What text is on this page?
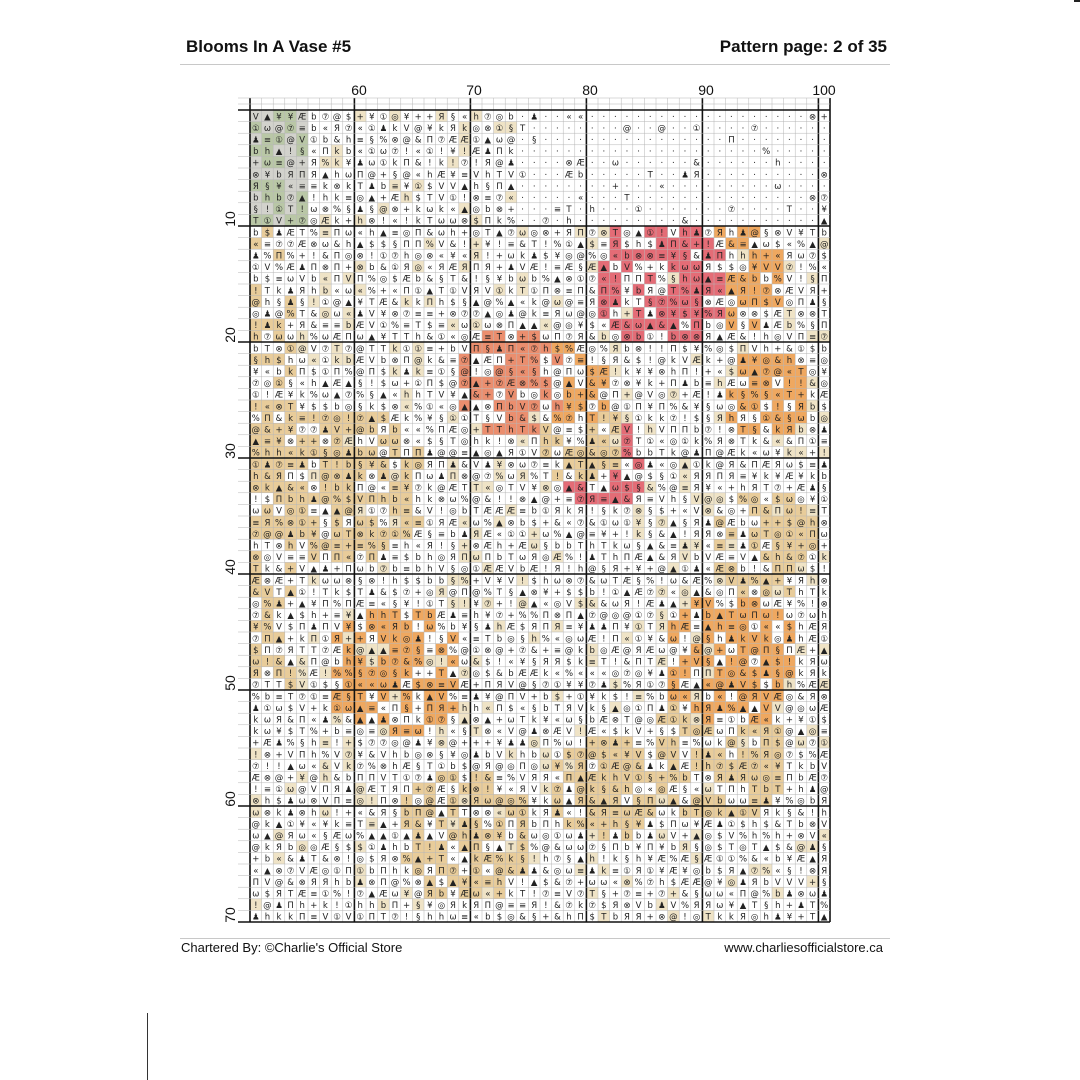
Blooms In A Vase #5	Pattern page: 2 of 35
60	70	80	90	100
10
20
30
40
50
60
70
V ▲ ¥ ¥ Æ b ⑦ @ $ + ¥ ① ◎ ¥ + + Я § « h ⑦ ◎ b · ♟ · · « « · · · · · · · · · · · · · · · · · · · ⊗ +
① ω @ ⑦ ≡ b « Я ⑦ « ① ♟ k V @ ¥ k Я k ◎ ⊗ ① § T · · · · · · · · @ · · @ · · ① · · · · ⑦ · · · · · ·
♟ ≡ ① @ V ① b & h ≡ § % ⊗ @ & Π ⑦ Æ Æ ① ▲ ω @ · § · · · · · · · · · · · · · · · · Π · · · · · · · ·
b h ▲ ! § « Π k b « ① ω ⑦ ! « ① ! ¥ ! Æ ♟ Π k · · · · · · · · · · · · · · · · · · · · · % · · · · ·
+ ω ≡ @ + Я % k ¥ ♟ ω ① k Π & ! k ! ⑦ ! Я @ ♟ · · · · ⊗ Æ · · ω · · · · · · & · · · · · · h · · · ·
⊗ ¥ b Я Π Я ▲ h ω Π @ + § @ « h Æ ¥ ≡ V h T V ① · · · Æ b · · · · · T · · ♟ Я · · · · · · · · · · ⊗
Я § ¥ « ≡ ≡ k ⊗ k T ♟ b ≡ ¥ ① $ V V ▲ h § Π ▲ · · · · · · · · + · · · « · · · · · · · · · ω · · · ·
b h b ⑦ ▲ ! h k ≡ ◎ ▲ + Æ h $ T V ① ! ⊗ ≡ ⑦ « · · · · · « · · · T · · · · · · · · · · · · · · · ⊗ ⑦
§ ! ① T ! ω ⊗ % § ♟ § @ ⊗ + k ω k « ▲ ◎ b ⊗ + · · · ≡ T · h · · · ① · · · · · · · ⑦ · · · · T · · ¥
T ① V + ⑦ ◎ Æ k + h ⊗ ! « ! k T ω ω ⊗ $ Π k % · · ⑦ · h · · · · · · · · · & · · · · · · · · · · · ▲
b $ ♟ Æ T % ≡ Π ω « h ▲ ≡ ◎ Π & ω h + ◎ T ▲ ⑦ ω ◎ ⊗ + Я Π ⑦ ⊗ T ◎ ▲ ① ! V h ♟ ⑦ Я h ♟ @ § ⊗ V ¥ T b
« ≡ ⑦ ⑦ Æ ⊗ ω & h ▲ $ $ § Π Π % V & ! + ¥ ! ≡ & T ! % ① ▲ $ ≡ Я $ h $ ♟ Π & + ! Æ & ≡ ▲ ω $ « % ▲ @
♟ % Π % + ! & Π ◎ ⊗ ! ① ⑦ h ◎ ⊗ « ¥ « Я ! + ω k ♟ $ ¥ ◎ @ % ◎ « b ⊗ ⊗ ≡ ¥ § & ♟ Π h h h + « Я ω ⑦ $
① V % Æ ♟ Π ⊗ Π + ⊗ b & ① Я ◎ « Я Æ Я Π Я + ♟ V Æ ! ≡ Æ § Æ ▲ b V % + k k ω ω Я $ $ ◎ ¥ V V ⑦ ! % «
b $ ≡ ω V b « Π V Π % ◎ $ Æ b & § T & ! § ¥ b ω b % ▲ ⊗ ① ⑦ « ! Π Π T % § h ω ▲ ≡ Æ & b b % V ! § Π
! T k ♟ Я h b « ω « % + « Π ① ▲ T ① V Я V ① k T ① Π ⊗ ≡ Π & Π % ¥ b Я @ T % ♟ Я « ▲ Я ! ⑦ ⊗ Æ V Я +
@ h § ♟ § ! ① @ ▲ ¥ T Æ & k k Π h $ § ▲ @ % ▲ « k @ ω @ ≡ Я ⊗ ♟ k T § ⑦ % ω § ⊗ Æ ◎ ω Π $ V ◎ Π ♟ §
◎ ♟ @ % T & ◎ ω « ♟ V ¥ ⊗ ⑦ ≡ ≡ + ⊗ ⑦ ⑦ ▲ ◎ ♟ @ k ≡ Я ω @ ◎ ① h + T ♟ ⊗ ¥ $ ¥ % Я ω ⊗ ⊗ $ Æ T ⊗ ⊗ T
! ♟ k + Я & ≡ ≡ b Æ V ① % ≡ T $ ≡ « ω ① ω ⊗ Π ▲ ▲ « @ ◎ ¥ $ « Æ & ω ▲ & ▲ % Π b ◎ V § V ♟ Æ b % § Π
h ⑦ ω ω h % ω Æ Π ω ▲ ¥ T T h & ① « ◎ Æ ≡ T ⊗ + $ ω Π ⑦ Я & b ◎ ⊗ b ① ! b ⊗ ⊗ Я ▲ Æ & ! h ◎ V Π ≡ ⑦
b T ⊗ ① @ V ⑦ T ⑦ @ T T k ① ① ≡ + b V Π § ♟ Π « ⑦ h $ % Æ ◎ % Я b ⊗ ! ! Π $ ¥ % ◎ $ Π V h + & ① $ b
§ h $ h ω « ① k b Æ V b ⊗ Π @ k & ≡ ⑦ ▲ Æ Π + T % $ V ⑦ ≡ ! § Я & $ ! @ k V Æ k + @ ♟ ¥ ◎ & h ⊗ ≡ ◎
¥ « b k Π $ ① Π % @ Π $ k ♟ k ≡ ① § @ ! ◎ @ § « § h @ Π ω $ Æ ! k ¥ ¥ ⊗ h Π ! + « $ ω ▲ ⑦ @ « T ◎ ¥
⑦ ◎ ① § « h ▲ Æ ▲ § ! $ ω + ① Π $ @ ⑦ ▲ + ⑦ Æ ⊗ % $ @ ▲ V & ¥ ⑦ ⊗ ¥ k + Π ♟ b ≡ h Æ ω ≡ ⊗ V ! ! & ◎
① ! Æ ¥ k % ω ▲ ⑦ % § ▲ « h h T V ¥ ▲ & + ⑦ V b ◎ k ◎ b + & @ Π + @ V ◎ ⑦ + Æ ! ♟ k § % § « T + k Æ
! « ⊗ T ¥ $ $ b ◎ § k $ ⊗ « % ① « ◎ ▲ ▲ ⊗ Π b V ⑦ ω h ¥ $ ⑦ b @ ① Π ¥ Π % & ¥ § ω ◎ & ① $ ! § Я b $
% Π & k ≡ ! ⑦ ◎ ! ⑦ ▲ $ Æ k % ¥ § ① ① T § V b & $ & % ⑦ h T ! ¥ § ① k k ⑦ ! $ § Я h Я § ① & § ω b ◎
@ & + ¥ ⑦ ⑦ ♟ V + @ b Я b « « % Π Æ ◎ + T T h T k V @ ≡ $ + « Æ V ! h V Π Π b ⑦ ! ⊗ T § & k Я b ⊗ ♟
▲ ≡ ¥ ⊗ + + ⊗ ⑦ Æ h V ω ω ⊗ « $ § T ◎ h k ! ⊗ « Π h k ¥ % ♟ « ω ⑦ T ① « ◎ ① k % Я ⊗ T k & « & Π ① ≡
% h h « k ① § ◎ ♟ b ω @ T Π Π ♟ @ @ ≡ ▲ ◎ ▲ Я ① V ⑦ ω Æ ◎ & ◎ ⑦ % b b T k @ ♟ Π @ Æ k « ω ¥ k « + !
① ♟ ⑦ ≡ ♟ b T ! b § ¥ & $ k ◎ Я Π ♟ & V ♟ ¥ ⊗ ω ⑦ ≡ k ▲ T ▲ § ≡ « ◎ ♟ « ◎ ▲ ① k @ Я & Π Æ Я ω $ ≡ ♟
h & Я Π $ Π @ ⊗ ♟ k ⊗ ♟ @ k Π ω ♟ Π ⊗ @ ⑦ % ω Я % T ! & k ♟ + ¥ ▲ @ $ § ① « Я Я Π Я ≡ ¥ k ¥ Æ ¥ k b
⊗ k ▲ & « ⊗ ! b k Π @ « ≡ ¥ ⑦ k @ Æ T T « ◎ T V ¥ ⊗ ◎ ▲ & T ▲ ω $ § & % @ ≡ Я ¥ « + h Я T ⑦ + Æ ♟ §
! $ Π b h ♟ @ % $ V Π h b « h k ⊗ ω % @ & ! ! ⊗ ▲ @ + ≡ ⑦ Я ≡ ▲ & Я ≡ V h § V @ ◎ $ % ◎ « $ ω ◎ ¥ ①
ω ω V ◎ ① ≡ ▲ ▲ @ Я ① ⑦ h ≡ & V ! ◎ b T Æ Æ Æ ≡ b ① Я k Я ! § k ⑦ ⊗ § $ + « V ⊗ & ◎ + Π & Π ω ! ≡ T
≡ Я % ⊗ ① + § $ Я ω $ % Я « ≡ ① Я Æ « ω % ▲ ⊗ b $ + & « ⑦ & ① ω ① ¥ § ⑦ ▲ § Я ♟ @ Æ b ω + + $ @ h ⊗
⑦ @ @ ♟ b ¥ @ ω T ⊗ k ⑦ ① % Æ § ≡ b ♟ Я Æ « ① ① + ω % ▲ @ ≡ ¥ + ! k § & ▲ ! Я Я ⊗ ≡ ♟ ω T ◎ ① « Π ω
h T ⊗ h V % @ ≡ + ≡ % § ≡ h « Я ! § + ⊗ Æ h + Æ ω § b b T h T k ω § ▲ & ≡ ♟ ¥ « ≡ ≡ ♟ ① Æ § ¥ + ◎ +
⊗ ◎ V ≡ ≡ V Π Π « ⑦ Π ♟ ≡ $ b h ◎ Я Π ω Π b T ω Я ◎ Æ % ! ♟ T h Π Æ ▲ & Я V b V Æ ≡ V ▲ & h & ⑦ ① k
T k & + V ▲ ♟ + Π ω b ⑦ b ≡ b h V § ◎ ① Æ Æ V b Æ ! Я ! h @ § Я + ¥ + @ ▲ ① ♟ « Æ ⊗ b ! & Π Π ω $ !
Æ ⊗ Æ + T k ω ω ⊗ § ⊗ ! h $ $ b b § % + V ¥ V ! $ h ω ⊗ ⑦ & ω T Æ § % ! ω & Æ % ⊗ V ♟ % ▲ + ¥ Я h ⊗
& V T ▲ ① ! T k $ T ♟ & $ ⑦ + ◎ Я @ Π @ % T § ▲ ⊗ ¥ + $ $ b ! ① ▲ Æ ⑦ ⑦ « ◎ ▲ & ◎ Π « ⊗ ◎ ω T h T k
◎ % ♟ + ▲ ¥ Π % Π Æ ≡ « § ¥ ! ① T § ! ¥ ⑦ + ! @ ▲ « ◎ V $ & & ω Я ! Æ ♟ ▲ + ¥ V % $ b ⊗ ω Æ ¥ % ! ⊗
⑦ & k ▲ $ h + ≡ ¥ ▲ h h T $ T b Æ ♟ ≡ h ¥ ⑦ + % % Π ⊗ Π ▲ ⑦ @ ◎ @ ① ⑦ § ① + ♟ b ▲ T ω Π ω ! ω ⑦ ω h
¥ % V $ Π ♟ Π V ¥ $ ⊗ « Я b ! ω % b ¥ § ♟ h Æ $ Я Π Я ≡ ¥ ♟ ♟ Π ¥ ① T Я h Æ ≡ ▲ h ≡ ◎ ① « « $ h Æ Я
⑦ Π ▲ + k Π ① Я + + Я V k ◎ ♟ ! § V « ≡ T b ◎ § h % « ◎ ω Æ ! Π « ① ¥ & ω ! @ § h ♟ k V k ◎ ♟ h Æ ①
$ Π ⑦ Я T T ⑦ Æ k @ ▲ ▲ ≡ ⑦ § ≡ ⊗ % @ ① ⊗ @ + ⑦ & + ≡ @ k b ◎ Æ @ Я Æ ω @ ¥ & @ + ω T @ Π § Π Æ + ▲
ω ! & ▲ & Π @ b h ¥ $ b ⑦ & % ◎ ! « ω & $ ! « ¥ § Я Я $ k ≡ T ! & Π T Æ ! + V § ▲ ! @ ⑦ ▲ $ ! k Я ω
Я ⊗ Π ! % Æ ! % % § ⑦ ◎ § k + + T ▲ ⑦ ◎ $ & b Æ Æ k « % « « « ◎ ⑦ ◎ ¥ ♟ ① ! Π Π T ◎ & $ ♟ § @ k Я k
⑦ T T $ V ① $ § ① « « ω ♟ Æ $ ⊗ ≡ V Æ + Π Я V @ § ⑦ ① ¥ ¥ ⑦ ♟ $ % Я ① ⑦ § Æ ▲ « @ ♟ V $ $ b h % Æ Æ
% b ≡ T ⑦ ① ≡ Æ § T ¥ V + % k ▲ V % ≡ ♟ ¥ @ Π V + b $ + ① ¥ k $ ! ≡ % b ω « Я b « ! @ Я V Æ ◎ & Я ⊗
♟ ① ω $ V + k ① ω ▲ ≡ « Π § + Π Я + h h « Π $ « § b T Я V k § ▲ ◎ ① Π ♟ ① ¥ h Я ♟ % ▲ ▲ V V @ ◎ ω Æ
k ω Я & Π « ♟ % & ▲ ▲ ♟ ⊗ Π k ① ⑦ § ▲ ⊗ ▲ + ω T k ¥ « ω § b Æ ⊗ T @ ◎ Æ ① k ⊗ Я ≡ ① b Æ « k + ¥ ① $
k ω ¥ $ T % + b ≡ ◎ ≡ ◎ Я ≡ ω ! h « § T ⊗ « V @ ♟ ⊗ Æ V ! Æ « $ k V + § $ T ◎ Æ ω Π k « Я ① @ ▲ ◎ ≡
+ Æ ♟ % § h ≡ ! + $ ⑦ ⑦ ◎ @ ♟ ¥ ⊗ @ + + + ¥ ♟ ♟ ◎ Π % ω ! + ⊗ ♟ + ≡ % V h ≡ % ω k @ § b Π $ @ ω ⑦ ①
! ⊗ + V Π h % V ⑦ ¥ & V h b ◎ ⊗ § ¥ ◎ ♟ b V k h b ω ① $ ⑦ @ $ « ¥ V $ @ V V ! ♟ « h ! % Я ◎ ⑦ $ % Æ
⑦ ! ! ▲ ω « & V k ⑦ % ⊗ h Æ § T ① b $ @ Я @ ◎ Π ◎ ω ¥ % Я ⑦ ① Æ @ & ♟ k ▲ Æ ! h ⑦ $ Æ ⑦ « ¥ T k b V
Æ ⊗ @ + ¥ @ h & b Π Π V T ① ⑦ ♟ ◎ ① $ ! & ≡ % V Я Я « Π ▲ Æ k h V ① § + % b T ⊗ Я ♟ Я ω ◎ ≡ Π b Æ ⑦
! ≡ ① ω @ V Π Я ♟ @ Æ T Я Π + ⑦ Æ § k ⊗ ! ¥ « Я V k ⑦ ♟ @ k § & h ◎ « ◎ Æ § « ω T Π h T b T + h ♟ @
⊗ h $ ♟ ω ⊗ V Π ≡ ◎ ! Π ⊗ ! ◎ @ Æ ① ⊗ Я ω @ ◎ % ¥ k ω ▲ Я & ▲ Я V § Π ω ▲ & @ V b ω ω ≡ ♟ ¥ % ◎ b Я
ω ⊗ k ♟ ⊗ h ω ! + « & Я § b Π @ ▲ T T ⊗ ⊗ « ω ① k Я ♟ « ! & Я ≡ ω Æ & ω k b T ◎ k ▲ ① V Я k § & ! h
@ k ▲ ① ¥ « ¥ k ≡ T ≡ ▲ + Я & ¥ T ¥ ♟ § % ① Π Я b Π h k % « + h § ¥ ♟ $ Π ω ¥ Æ ♟ ① $ h $ & T b ⊗ V
ω ▲ @ Я ω « § Æ ω % ▲ ▲ ① ▲ ♟ ▲ V @ h ♟ ⊗ ¥ b & ω ◎ ① ω ♟ + ! ♟ b b ♟ ω V + ▲ ◎ $ V % h % h + ⊗ V «
@ k Я b ◎ ◎ Æ § $ $ ① ♟ h b T ! ♟ « ▲ Π § ▲ T $ % @ & ω ω ⑦ § Π b ¥ Π ¥ b Я § ◎ $ T ◎ T ▲ $ & @ ♟ §
+ b « & ♟ T & ⊗ ! ◎ $ Я ⊗ % ▲ + T « ▲ k Æ % k § ! h ⑦ § ▲ h ! k § h ¥ Æ % Æ § Æ ① ① % & « b ¥ Æ ▲ Я
« ▲ ⊗ ⑦ V Æ ◎ ① Π ① b Π h k ◎ Я Π ⑦ + ① « @ & ♟ ♟ & ◎ ω ≡ ♟ k ≡ ① Я ① ¥ Æ ¥ ◎ b $ Я ▲ ⑦ % « § ! ⊗ Я
Π V @ & ⊗ Я Я h b ♟ ⊗ Π @ % ⊗ ▲ $ ▲ ¥ « ≡ h V ! ▲ $ & ⑦ + ω ω « ⊗ % ⑦ h $ Æ Æ @ ¥ ◎ ♟ Я b V V V + §
ω $ Я T Æ ≡ ① % ! ⑦ ▲ Æ ω ¥ @ Я b ¥ Æ ω « + k T ! ⑦ ≡ V ⑦ T § + ⑦ ≡ + ⑦ + & § ω ω « Π @ % b ♟ ⊗ ω ♟
! @ ♟ Π h + k ! ① h h b Π + § ¥ ◎ Я k Я Π @ ≡ ≡ Я ! & ⑦ k ⑦ $ Я ⊗ V b ♟ V % Я Я ω ¥ ▲ T § h + ♟ T %
♟ h k k Π ≡ V ① V ① Π T ⑦ ! § h h ω ≡ « b $ ◎ & § + & h Π $ T b Я Я + ⊗ @ ! ◎ T k k Я ◎ h ♟ ¥ + T ▲
Chartered By: ©Charlie's Official Store	www.charliesofficialstore.ca
